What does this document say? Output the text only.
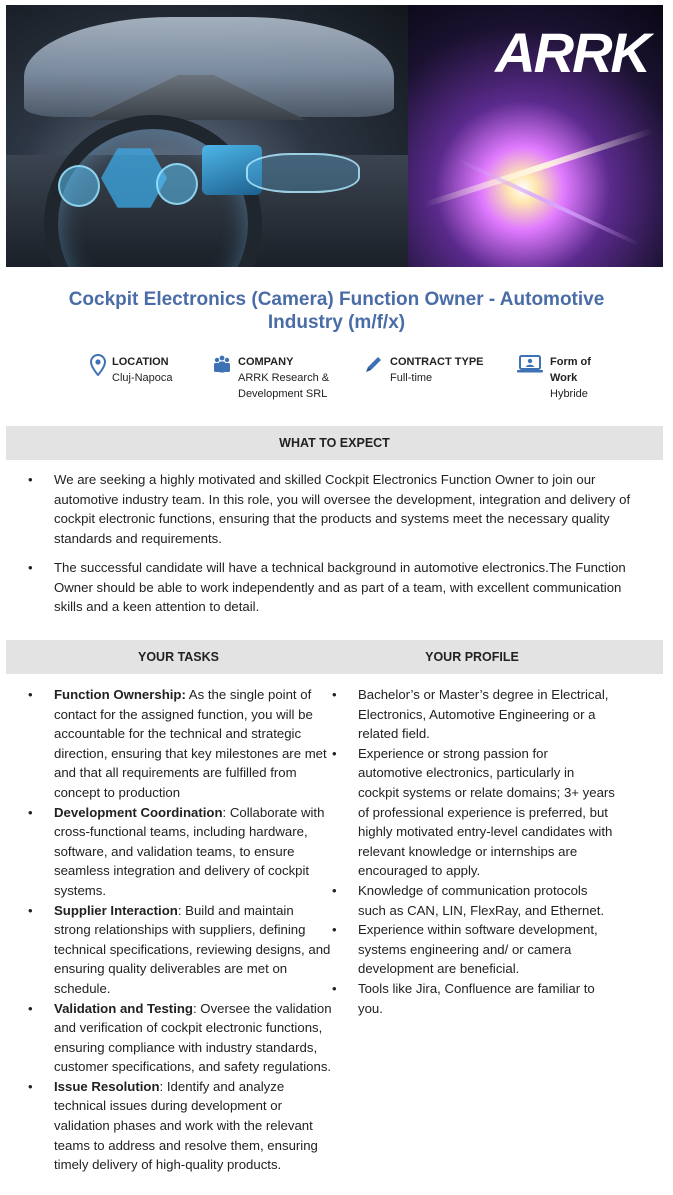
ARRK
Cockpit Electronics (Camera) Function Owner - Automotive Industry (m/f/x)
LOCATION
Cluj-Napoca
COMPANY
ARRK Research & Development SRL
CONTRACT TYPE
Full-time
Form of Work
Hybride
WHAT TO EXPECT
• We are seeking a highly motivated and skilled Cockpit Electronics Function Owner to join our automotive industry team. In this role, you will oversee the development, integration and delivery of cockpit electronic functions, ensuring that the products and systems meet the necessary quality standards and requirements.
• The successful candidate will have a technical background in automotive electronics.The Function Owner should be able to work independently and as part of a team, with excellent communication skills and a keen attention to detail.
YOUR TASKS	YOUR PROFILE
• Function Ownership: As the single point of contact for the assigned function, you will be accountable for the technical and strategic direction, ensuring that key milestones are met and that all requirements are fulfilled from concept to production
• Development Coordination: Collaborate with cross-functional teams, including hardware, software, and validation teams, to ensure seamless integration and delivery of cockpit systems.
• Supplier Interaction: Build and maintain strong relationships with suppliers, defining technical specifications, reviewing designs, and ensuring quality deliverables are met on schedule.
• Validation and Testing: Oversee the validation and verification of cockpit electronic functions, ensuring compliance with industry standards, customer specifications, and safety regulations.
• Issue Resolution: Identify and analyze technical issues during development or validation phases and work with the relevant teams to address and resolve them, ensuring timely delivery of high-quality products.
• Bachelor’s or Master’s degree in Electrical, Electronics, Automotive Engineering or a related field.
• Experience or strong passion for automotive electronics, particularly in cockpit systems or relate domains; 3+ years of professional experience is preferred, but highly motivated entry-level candidates with relevant knowledge or internships are encouraged to apply.
• Knowledge of communication protocols such as CAN, LIN, FlexRay, and Ethernet.
• Experience within software development, systems engineering and/ or camera development are beneficial.
• Tools like Jira, Confluence are familiar to you.
